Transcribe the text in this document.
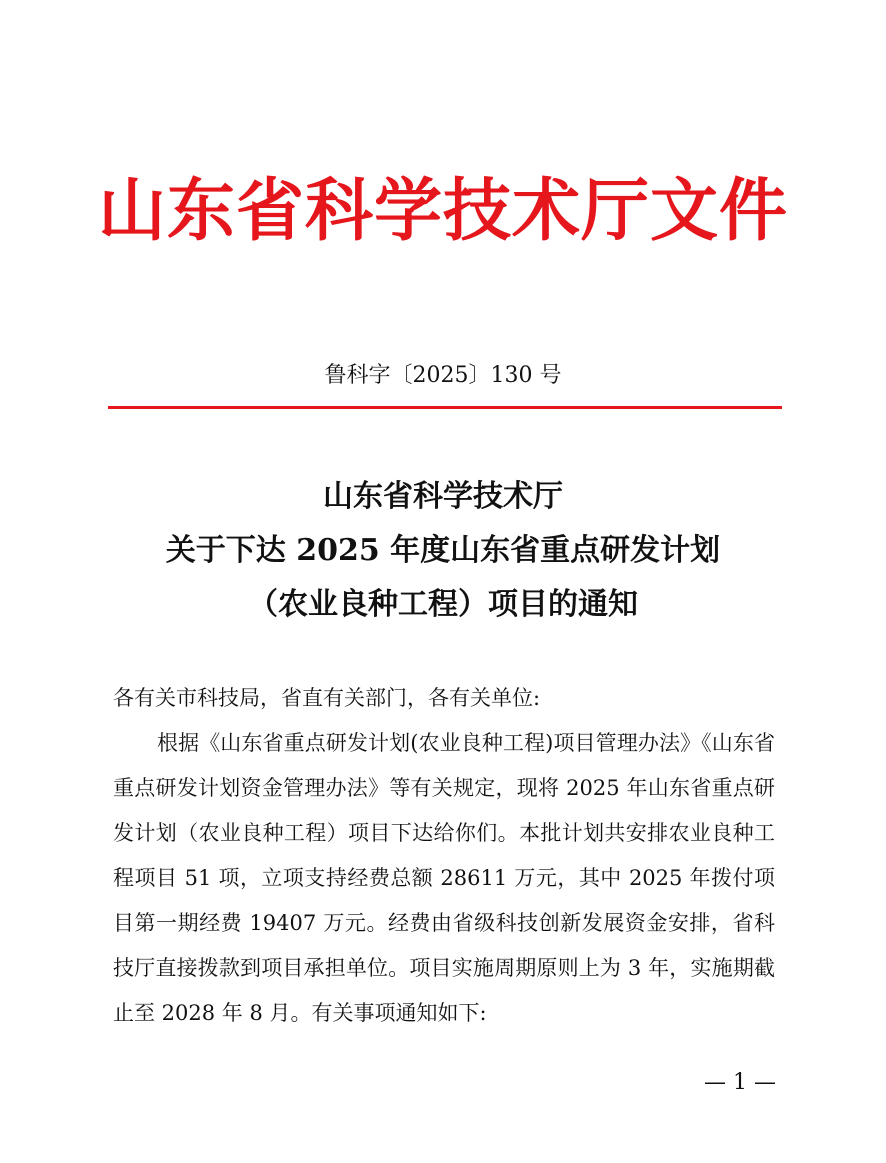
山东省科学技术厅文件
鲁科字〔2025〕130 号
山东省科学技术厅
关于下达 2025 年度山东省重点研发计划
（农业良种工程）项目的通知

各有关市科技局，省直有关部门，各有关单位:

根据《山东省重点研发计划(农业良种工程)项目管理办法》《山东省重点研发计划资金管理办法》等有关规定，现将 2025 年山东省重点研发计划（农业良种工程）项目下达给你们。本批计划共安排农业良种工程项目 51 项，立项支持经费总额 28611 万元，其中 2025 年拨付项目第一期经费 19407 万元。经费由省级科技创新发展资金安排，省科技厅直接拨款到项目承担单位。项目实施周期原则上为 3 年，实施期截止至 2028 年 8 月。有关事项通知如下:

— 1 —
